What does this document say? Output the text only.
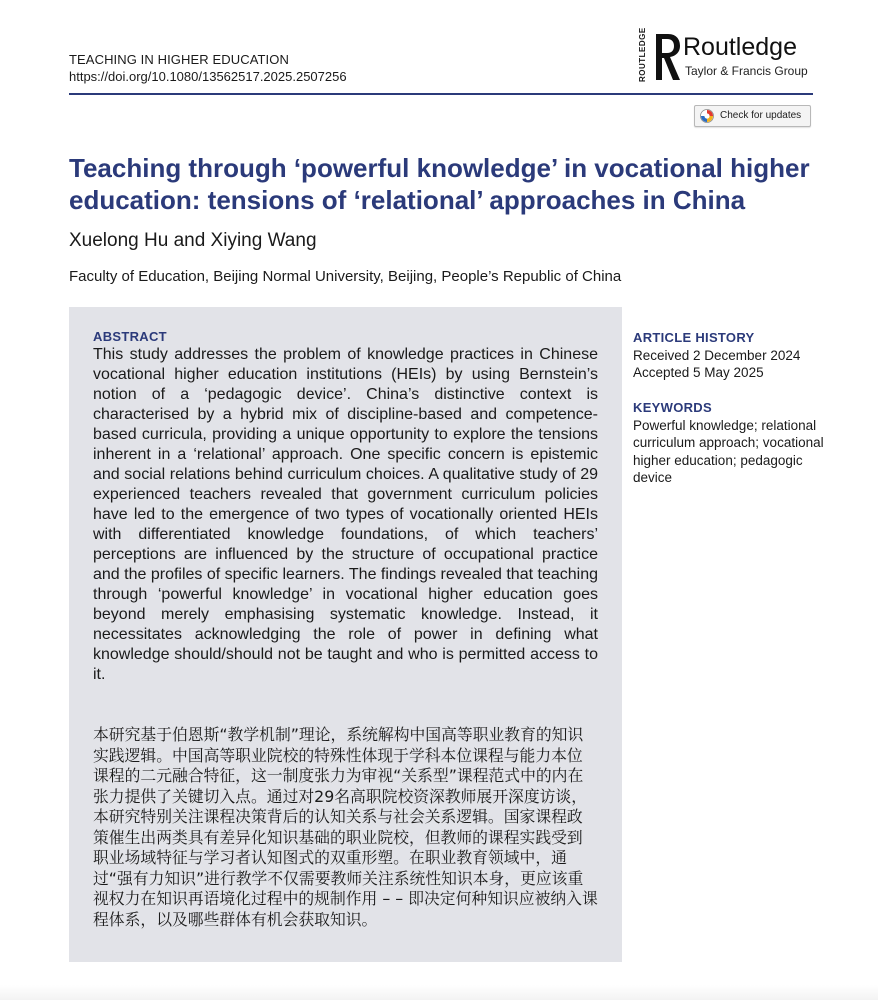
TEACHING IN HIGHER EDUCATION
https://doi.org/10.1080/13562517.2025.2507256	ROUTLEDGE Routledge
Taylor & Francis Group
Check for updates
Teaching through ‘powerful knowledge’ in vocational higher education: tensions of ‘relational’ approaches in China
Xuelong Hu and Xiying Wang
Faculty of Education, Beijing Normal University, Beijing, People’s Republic of China
ABSTRACT
This study addresses the problem of knowledge practices in Chinese vocational higher education institutions (HEIs) by using Bernstein’s notion of a ‘pedagogic device’. China’s distinctive context is characterised by a hybrid mix of discipline-based and competence-based curricula, providing a unique opportunity to explore the tensions inherent in a ‘relational’ approach. One specific concern is epistemic and social relations behind curriculum choices. A qualitative study of 29 experienced teachers revealed that government curriculum policies have led to the emergence of two types of vocationally oriented HEIs with differentiated knowledge foundations, of which teachers’ perceptions are influenced by the structure of occupational practice and the profiles of specific learners. The findings revealed that teaching through ‘powerful knowledge’ in vocational higher education goes beyond merely emphasising systematic knowledge. Instead, it necessitates acknowledging the role of power in defining what knowledge should/should not be taught and who is permitted access to it.
本研究基于伯恩斯“教学机制”理论，系统解构中国高等职业教育的知识实践逻辑。中国高等职业院校的特殊性体现于学科本位课程与能力本位课程的二元融合特征，这一制度张力为审视“关系型”课程范式中的内在张力提供了关键切入点。通过对29名高职院校资深教师展开深度访谈，本研究特别关注课程决策背后的认知关系与社会关系逻辑。国家课程政策催生出两类具有差异化知识基础的职业院校，但教师的课程实践受到职业场域特征与学习者认知图式的双重形塑。在职业教育领域中，通过“强有力知识”进行教学不仅需要教师关注系统性知识本身，更应该重视权力在知识再语境化过程中的规制作用 – – 即决定何种知识应被纳入课程体系，以及哪些群体有机会获取知识。
ARTICLE HISTORY
Received 2 December 2024
Accepted 5 May 2025
KEYWORDS
Powerful knowledge; relational curriculum approach; vocational higher education; pedagogic device
